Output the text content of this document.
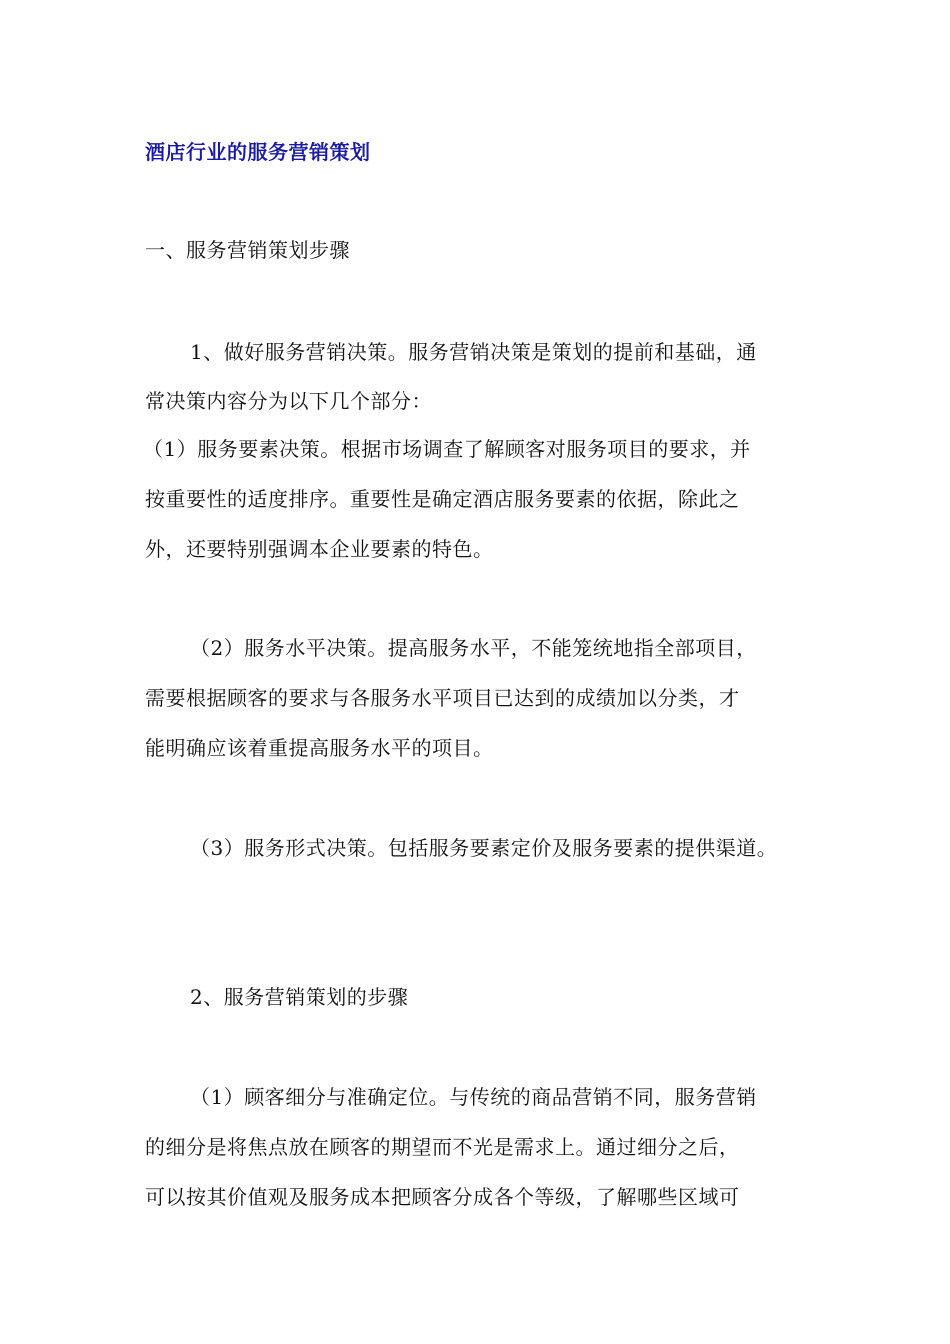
酒店行业的服务营销策划
一、服务营销策划步骤
1、做好服务营销决策。服务营销决策是策划的提前和基础，通
常决策内容分为以下几个部分：
（1）服务要素决策。根据市场调查了解顾客对服务项目的要求，并
按重要性的适度排序。重要性是确定酒店服务要素的依据，除此之
外，还要特别强调本企业要素的特色。
（2）服务水平决策。提高服务水平，不能笼统地指全部项目，
需要根据顾客的要求与各服务水平项目已达到的成绩加以分类，才
能明确应该着重提高服务水平的项目。
（3）服务形式决策。包括服务要素定价及服务要素的提供渠道。
2、服务营销策划的步骤
（1）顾客细分与准确定位。与传统的商品营销不同，服务营销
的细分是将焦点放在顾客的期望而不光是需求上。通过细分之后，
可以按其价值观及服务成本把顾客分成各个等级，了解哪些区域可
